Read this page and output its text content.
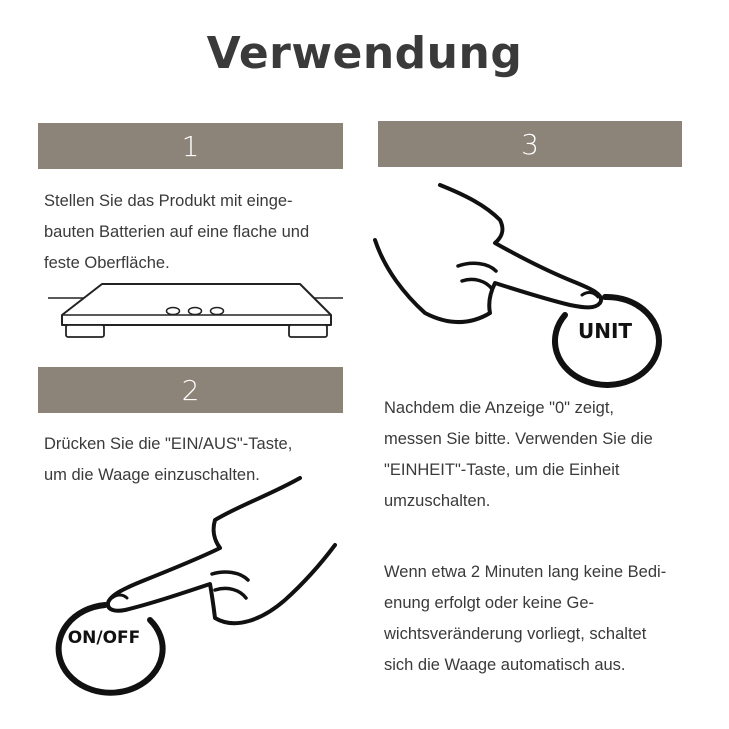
Verwendung
1
Stellen Sie das Produkt mit einge-
bauten Batterien auf eine flache und
feste Oberfläche.
2
Drücken Sie die "EIN/AUS"-Taste,
um die Waage einzuschalten.
ON/OFF
3
UNIT
Nachdem die Anzeige "0" zeigt,
messen Sie bitte. Verwenden Sie die
"EINHEIT"-Taste, um die Einheit
umzuschalten.
Wenn etwa 2 Minuten lang keine Bedi-
enung erfolgt oder keine Ge-
wichtsveränderung vorliegt, schaltet
sich die Waage automatisch aus.
